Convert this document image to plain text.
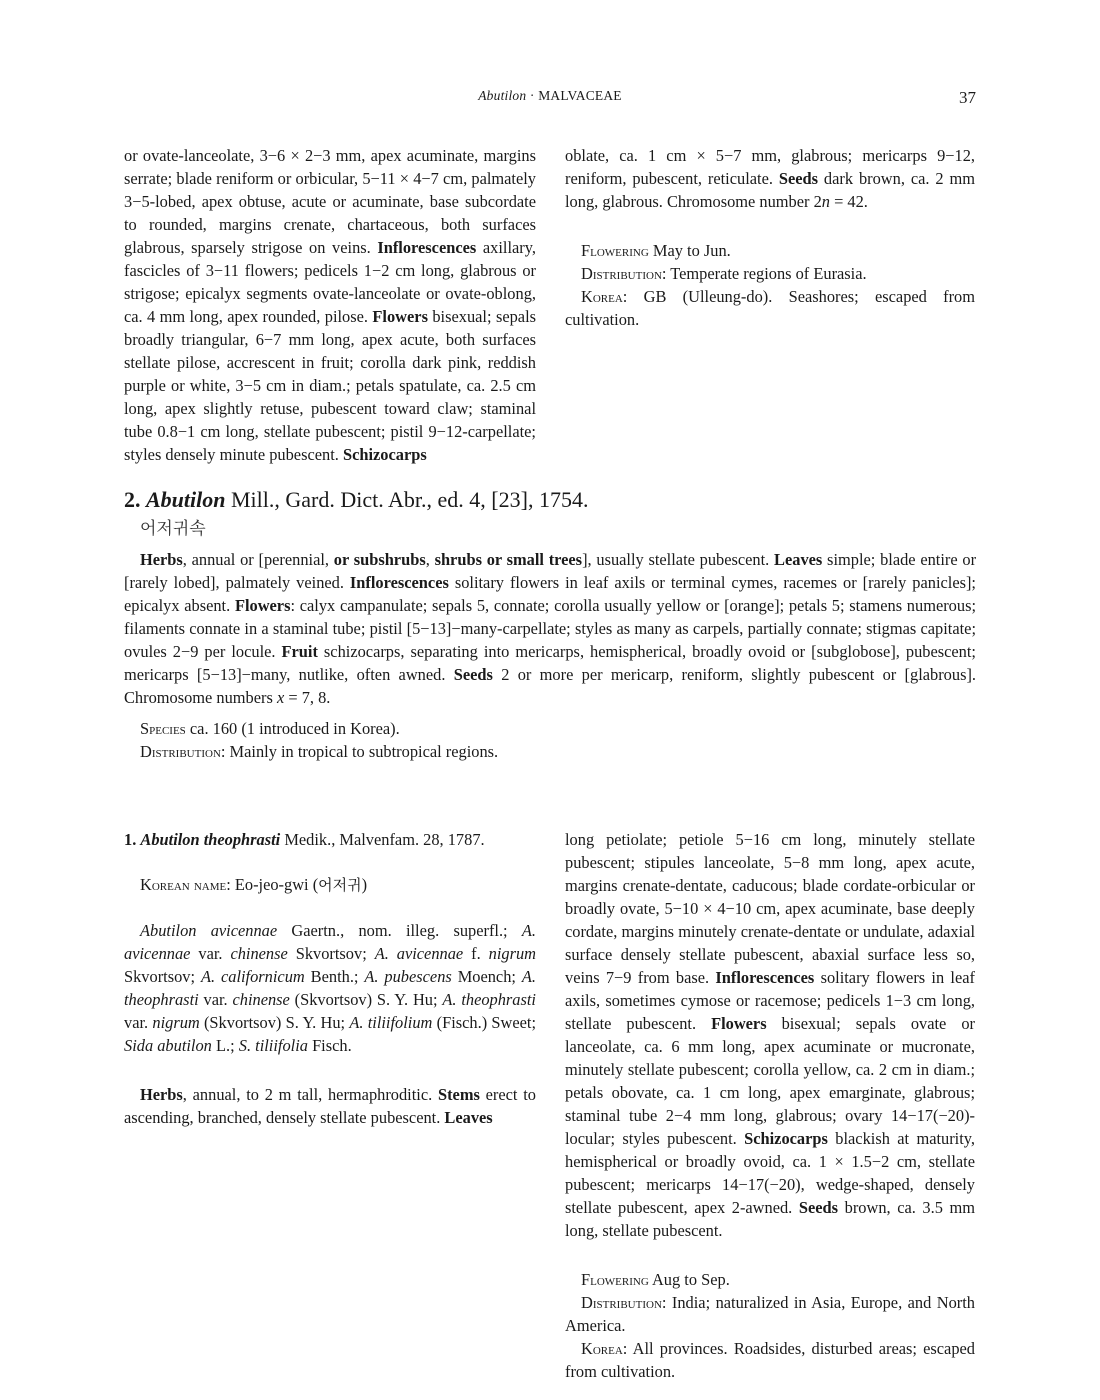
Abutilon · MALVACEAE	37

or ovate-lanceolate, 3−6 × 2−3 mm, apex acuminate, margins serrate; blade reniform or orbicular, 5−11 × 4−7 cm, palmately 3−5-lobed, apex obtuse, acute or acuminate, base subcordate to rounded, margins crenate, chartaceous, both surfaces glabrous, sparsely strigose on veins. Inflorescences axillary, fascicles of 3−11 flowers; pedicels 1−2 cm long, glabrous or strigose; epicalyx segments ovate-lanceolate or ovate-oblong, ca. 4 mm long, apex rounded, pilose. Flowers bisexual; sepals broadly triangular, 6−7 mm long, apex acute, both surfaces stellate pilose, accrescent in fruit; corolla dark pink, reddish purple or white, 3−5 cm in diam.; petals spatulate, ca. 2.5 cm long, apex slightly retuse, pubescent toward claw; staminal tube 0.8−1 cm long, stellate pubescent; pistil 9−12-carpellate; styles densely minute pubescent. Schizocarps

oblate, ca. 1 cm × 5−7 mm, glabrous; mericarps 9−12, reniform, pubescent, reticulate. Seeds dark brown, ca. 2 mm long, glabrous. Chromosome number 2n = 42.

Flowering May to Jun.

Distribution: Temperate regions of Eurasia.

Korea: GB (Ulleung-do). Seashores; escaped from cultivation.

2. Abutilon Mill., Gard. Dict. Abr., ed. 4, [23], 1754.

어저귀속

Herbs, annual or [perennial, or subshrubs, shrubs or small trees], usually stellate pubescent. Leaves simple; blade entire or [rarely lobed], palmately veined. Inflorescences solitary flowers in leaf axils or terminal cymes, racemes or [rarely panicles]; epicalyx absent. Flowers: calyx campanulate; sepals 5, connate; corolla usually yellow or [orange]; petals 5; stamens numerous; filaments connate in a staminal tube; pistil [5−13]−many-carpellate; styles as many as carpels, partially connate; stigmas capitate; ovules 2−9 per locule. Fruit schizocarps, separating into mericarps, hemispherical, broadly ovoid or [subglobose], pubescent; mericarps [5−13]−many, nutlike, often awned. Seeds 2 or more per mericarp, reniform, slightly pubescent or [glabrous]. Chromosome numbers x = 7, 8.

Species ca. 160 (1 introduced in Korea).

Distribution: Mainly in tropical to subtropical regions.

1. Abutilon theophrasti Medik., Malvenfam. 28, 1787.

Korean name: Eo-jeo-gwi (어저귀)

Abutilon avicennae Gaertn., nom. illeg. superfl.; A. avicennae var. chinense Skvortsov; A. avicennae f. nigrum Skvortsov; A. californicum Benth.; A. pubescens Moench; A. theophrasti var. chinense (Skvortsov) S. Y. Hu; A. theophrasti var. nigrum (Skvortsov) S. Y. Hu; A. tiliifolium (Fisch.) Sweet; Sida abutilon L.; S. tiliifolia Fisch.

Herbs, annual, to 2 m tall, hermaphroditic. Stems erect to ascending, branched, densely stellate pubescent. Leaves

long petiolate; petiole 5−16 cm long, minutely stellate pubescent; stipules lanceolate, 5−8 mm long, apex acute, margins crenate-dentate, caducous; blade cordate-orbicular or broadly ovate, 5−10 × 4−10 cm, apex acuminate, base deeply cordate, margins minutely crenate-dentate or undulate, adaxial surface densely stellate pubescent, abaxial surface less so, veins 7−9 from base. Inflorescences solitary flowers in leaf axils, sometimes cymose or racemose; pedicels 1−3 cm long, stellate pubescent. Flowers bisexual; sepals ovate or lanceolate, ca. 6 mm long, apex acuminate or mucronate, minutely stellate pubescent; corolla yellow, ca. 2 cm in diam.; petals obovate, ca. 1 cm long, apex emarginate, glabrous; staminal tube 2−4 mm long, glabrous; ovary 14−17(−20)-locular; styles pubescent. Schizocarps blackish at maturity, hemispherical or broadly ovoid, ca. 1 × 1.5−2 cm, stellate pubescent; mericarps 14−17(−20), wedge-shaped, densely stellate pubescent, apex 2-awned. Seeds brown, ca. 3.5 mm long, stellate pubescent.

Flowering Aug to Sep.

Distribution: India; naturalized in Asia, Europe, and North America.

Korea: All provinces. Roadsides, disturbed areas; escaped from cultivation.
